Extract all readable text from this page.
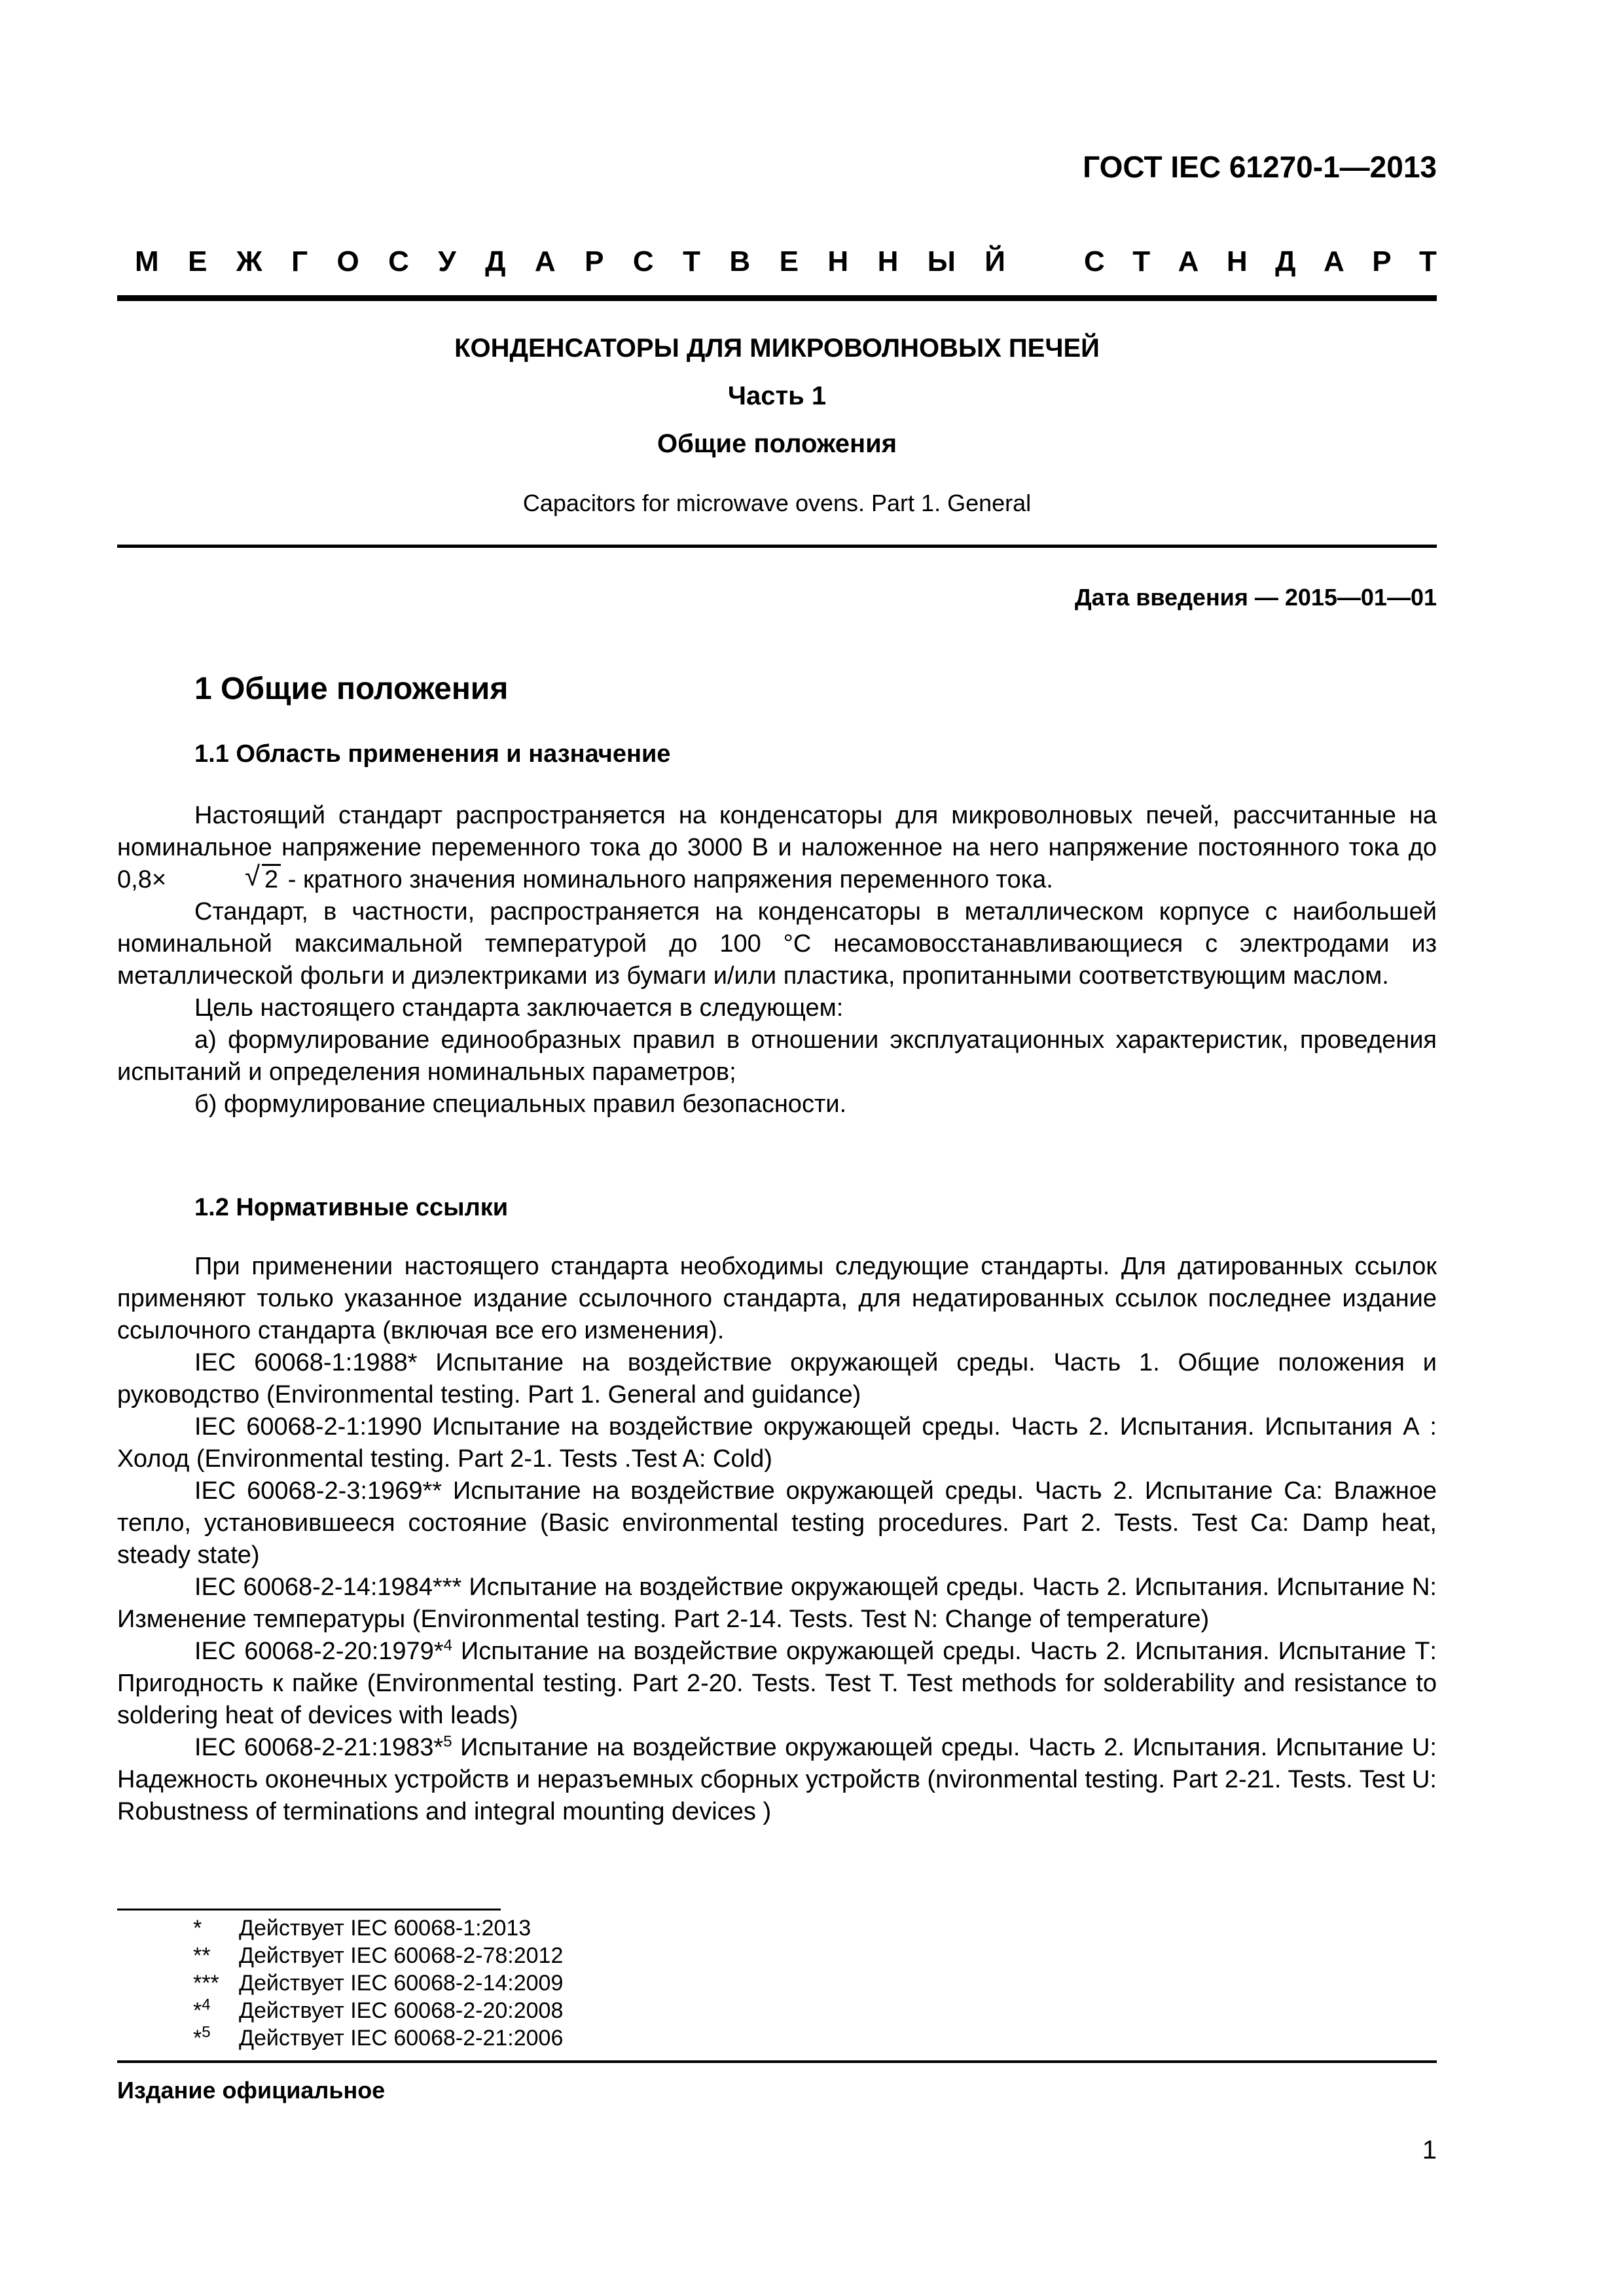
ГОСТ IEC 61270-1—2013
М Е Ж Г О С У Д А Р С Т В Е Н Н Ы Й	С Т А Н Д А Р Т
КОНДЕНСАТОРЫ ДЛЯ МИКРОВОЛНОВЫХ ПЕЧЕЙ
Часть 1
Общие положения
Capacitors for microwave ovens. Part 1. General
Дата введения — 2015—01—01
1 Общие положения
1.1 Область применения и назначение

Настоящий стандарт распространяется на конденсаторы для микроволновых печей, рассчитанные на номинальное напряжение переменного тока до 3000 В и наложенное на него напряжение постоянного тока до 0,8×	√ 2 - кратного значения номинального напряжения переменного тока.

Стандарт, в частности, распространяется на конденсаторы в металлическом корпусе с наибольшей номинальной максимальной температурой до 100 °С несамовосстанавливающиеся с электродами из металлической фольги и диэлектриками из бумаги и/или пластика, пропитанными соответствующим маслом.

Цель настоящего стандарта заключается в следующем:

а) формулирование единообразных правил в отношении эксплуатационных характеристик, проведения испытаний и определения номинальных параметров;

б) формулирование специальных правил безопасности.

1.2 Нормативные ссылки

При применении настоящего стандарта необходимы следующие стандарты. Для датированных ссылок применяют только указанное издание ссылочного стандарта, для недатированных ссылок последнее издание ссылочного стандарта (включая все его изменения).

IEC 60068-1:1988* Испытание на воздействие окружающей среды. Часть 1. Общие положения и руководство (Environmental testing. Part 1. General and guidance)

IEC 60068-2-1:1990 Испытание на воздействие окружающей среды. Часть 2. Испытания. Испытания А : Холод (Environmental testing. Part 2-1. Tests .Test A: Cold)

IEC 60068-2-3:1969** Испытание на воздействие окружающей среды. Часть 2. Испытание Са: Влажное тепло, установившееся состояние (Basic environmental testing procedures. Part 2. Tests. Test Ca: Damp heat, steady state)

IEC 60068-2-14:1984*** Испытание на воздействие окружающей среды. Часть 2. Испытания. Испытание N: Изменение температуры (Environmental testing. Part 2-14. Tests. Test N: Change of temperature)

IEC 60068-2-20:1979*$^4$ Испытание на воздействие окружающей среды. Часть 2. Испытания. Испытание Т: Пригодность к пайке (Environmental testing. Part 2-20. Tests. Test T. Test methods for solderability and resistance to soldering heat of devices with leads)

IEC 60068-2-21:1983*$^5$ Испытание на воздействие окружающей среды. Часть 2. Испытания. Испытание U: Надежность оконечных устройств и неразъемных сборных устройств (nvironmental testing. Part 2-21. Tests. Test U: Robustness of terminations and integral mounting devices )

*	Действует IEC 60068-1:2013
**	Действует IEC 60068-2-78:2012
*** Действует IEC 60068-2-14:2009
*$^4$	Действует IEC 60068-2-20:2008
*$^5$	Действует IEC 60068-2-21:2006
Издание официальное
1
